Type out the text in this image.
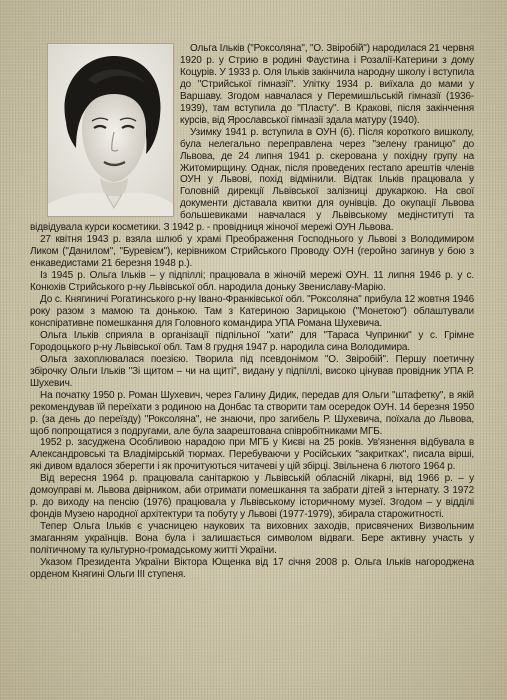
Ольга Ільків ("Роксоляна", "О. Звіробій") народилася 21 червня 1920 р. у Стрию в родині Фаустина і Розалії-Катерини з дому Коцурів. У 1933 р. Оля Ільків закінчила народну школу і вступила до "Стрийської гімназії". Улітку 1934 р. виїхала до мами у Варшаву. Згодом навчалася у Перемишльській гімназії (1936-1939), там вступила до "Пласту". В Кракові, після закінчення курсів, від Ярославської гімназії здала матуру (1940).

Узимку 1941 р. вступила в ОУН (б). Після короткого вишколу, була нелегально переправлена через "зелену границю" до Львова, де 24 липня 1941 р. скерована у похідну групу на Житомирщину. Однак, після проведених гестапо арештів членів ОУН у Львові, похід відмінили. Відтак Ільків працювала у Головній дирекції Львівської залізниці друкаркою. На свої документи діставала квитки для оунівців. До окупації Львова большевиками навчалася у Львівському медінституті та відвідувала курси косметики. З 1942 р. - провідниця жіночої мережі ОУН Львова.

27 квітня 1943 р. взяла шлюб у храмі Преображення Господнього у Львові з Володимиром Ликом ("Данилом", "Буревієм"), керівником Стрийського Проводу ОУН (геройно загинув у бою з енкаведистами 21 березня 1948 р.).

Із 1945 р. Ольга Ільків – у підпіллі; працювала в жіночій мережі ОУН. 11 липня 1946 р. у с. Конюхів Стрийського р-ну Львівської обл. народила доньку Звениславу-Марію.

До с. Княгиничі Рогатинського р-ну Івано-Франківської обл. "Роксоляна" прибула 12 жовтня 1946 року разом з мамою та донькою. Там з Катериною Зарицькою ("Монетою") облаштували конспіративне помешкання для Головного командира УПА Романа Шухевича.

Ольга Ільків сприяла в організації підпільної "хати" для "Тараса Чупринки" у с. Грімне Городоцького р-ну Львівської обл. Там 8 грудня 1947 р. народила сина Володимира.

Ольга захоплювалася поезією. Творила під псевдонімом "О. Звіробій". Першу поетичну збірочку Ольги Ільків "Зі щитом – чи на щиті", видану у підпіллі, високо цінував провідник УПА Р. Шухевич.

На початку 1950 р. Роман Шухевич, через Галину Дидик, передав для Ольги "штафетку", в якій рекомендував їй переїхати з родиною на Донбас та створити там осередок ОУН. 14 березня 1950 р. (за день до переїзду) "Роксоляна", не знаючи, про загибель Р. Шухевича, поїхала до Львова, щоб попрощатися з подругами, але була заарештована співробітниками МГБ.

1952 р. засуджена Особливою нарадою при МГБ у Києві на 25 років. Ув'язнення відбувала в Александровські та Владімірській тюрмах. Перебуваючи у Російських "закритках", писала вірші, які дивом вдалося зберегти і як прочитуються читачеві у цій збірці. Звільнена 6 лютого 1964 р.

Від вересня 1964 р. працювала санітаркою у Львівській обласній лікарні, від 1966 р. – у домоуправі м. Львова двірником, аби отримати помешкання та забрати дітей з інтернату. З 1972 р. до виходу на пенсію (1976) працювала у Львівському історичному музеї. Згодом – у відділі фондів Музею народної архітектури та побуту у Львові (1977-1979), збирала старожитності.

Тепер Ольга Ільків є учасницею наукових та виховних заходів, присвячених Визвольним змаганням українців. Вона була і залишається символом відваги. Бере активну участь у політичному та культурно-громадському житті України.

Указом Президента України Віктора Ющенка від 17 січня 2008 р. Ольга Ільків нагороджена орденом Княгині Ольги ІІІ ступеня.
